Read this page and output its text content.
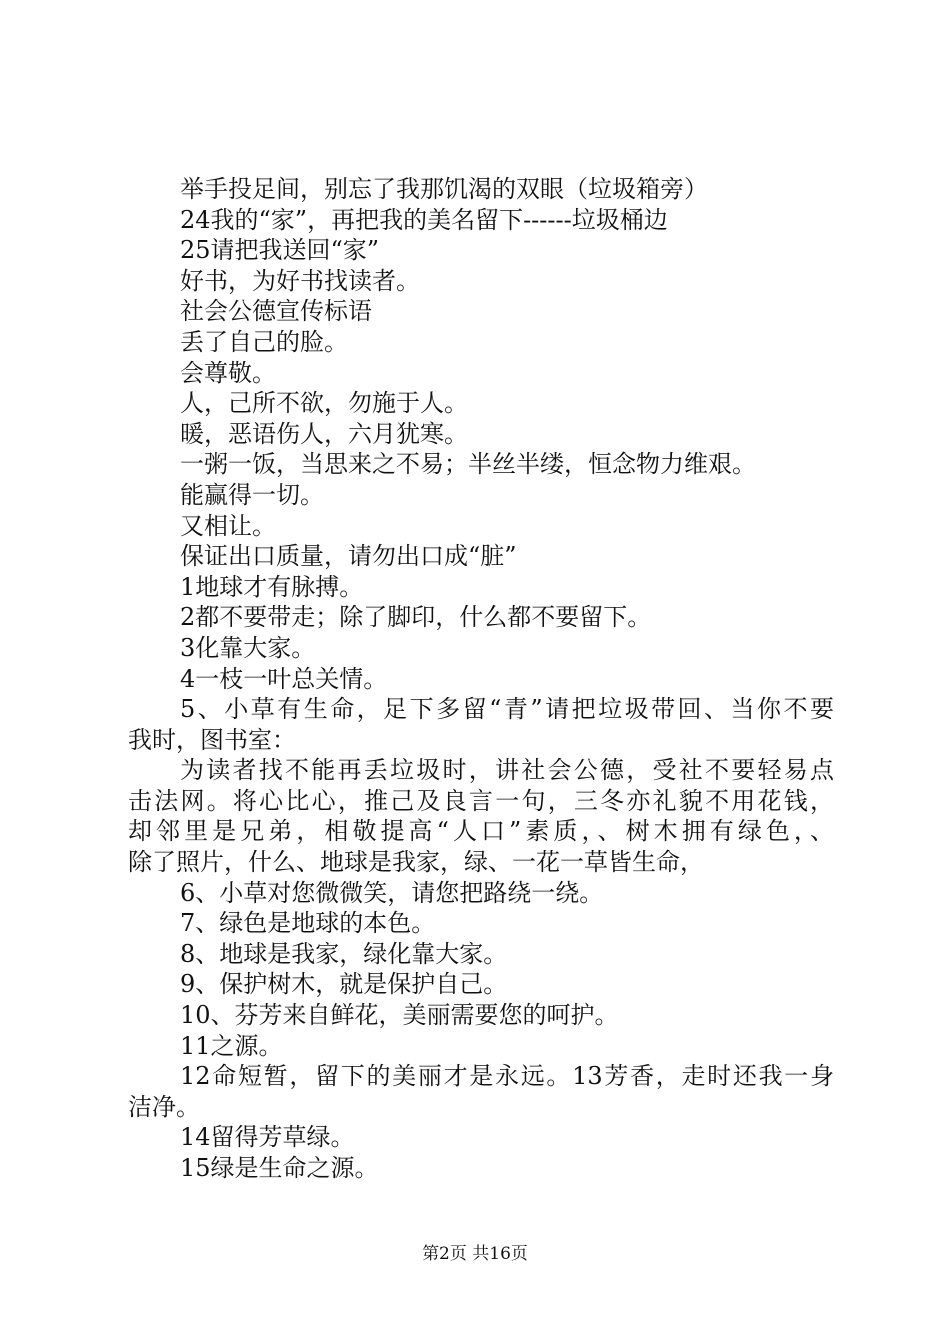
举手投足间，别忘了我那饥渴的双眼（垃圾箱旁）

24我的“家”，再把我的美名留下------垃圾桶边

25请把我送回“家”

好书，为好书找读者。

社会公德宣传标语

丢了自己的脸。

会尊敬。

人，己所不欲，勿施于人。

暖，恶语伤人，六月犹寒。

一粥一饭，当思来之不易；半丝半缕，恒念物力维艰。

能赢得一切。

又相让。

保证出口质量，请勿出口成“脏”

1地球才有脉搏。

2都不要带走；除了脚印，什么都不要留下。

3化靠大家。

4一枝一叶总关情。

5、小草有生命，足下多留“青”请把垃圾带回、当你不要

我时，图书室：

为读者找不能再丢垃圾时，讲社会公德，受社不要轻易点

击法网。将心比心，推己及良言一句，三冬亦礼貌不用花钱，

却邻里是兄弟，相敬提高“人口”素质，、树木拥有绿色，、

除了照片，什么、地球是我家，绿、一花一草皆生命，

6、小草对您微微笑，请您把路绕一绕。

7、绿色是地球的本色。

8、地球是我家，绿化靠大家。

9、保护树木，就是保护自己。

10、芬芳来自鲜花，美丽需要您的呵护。

11之源。

12命短暂，留下的美丽才是永远。13芳香，走时还我一身

洁净。

14留得芳草绿。

15绿是生命之源。

第2页 共16页
